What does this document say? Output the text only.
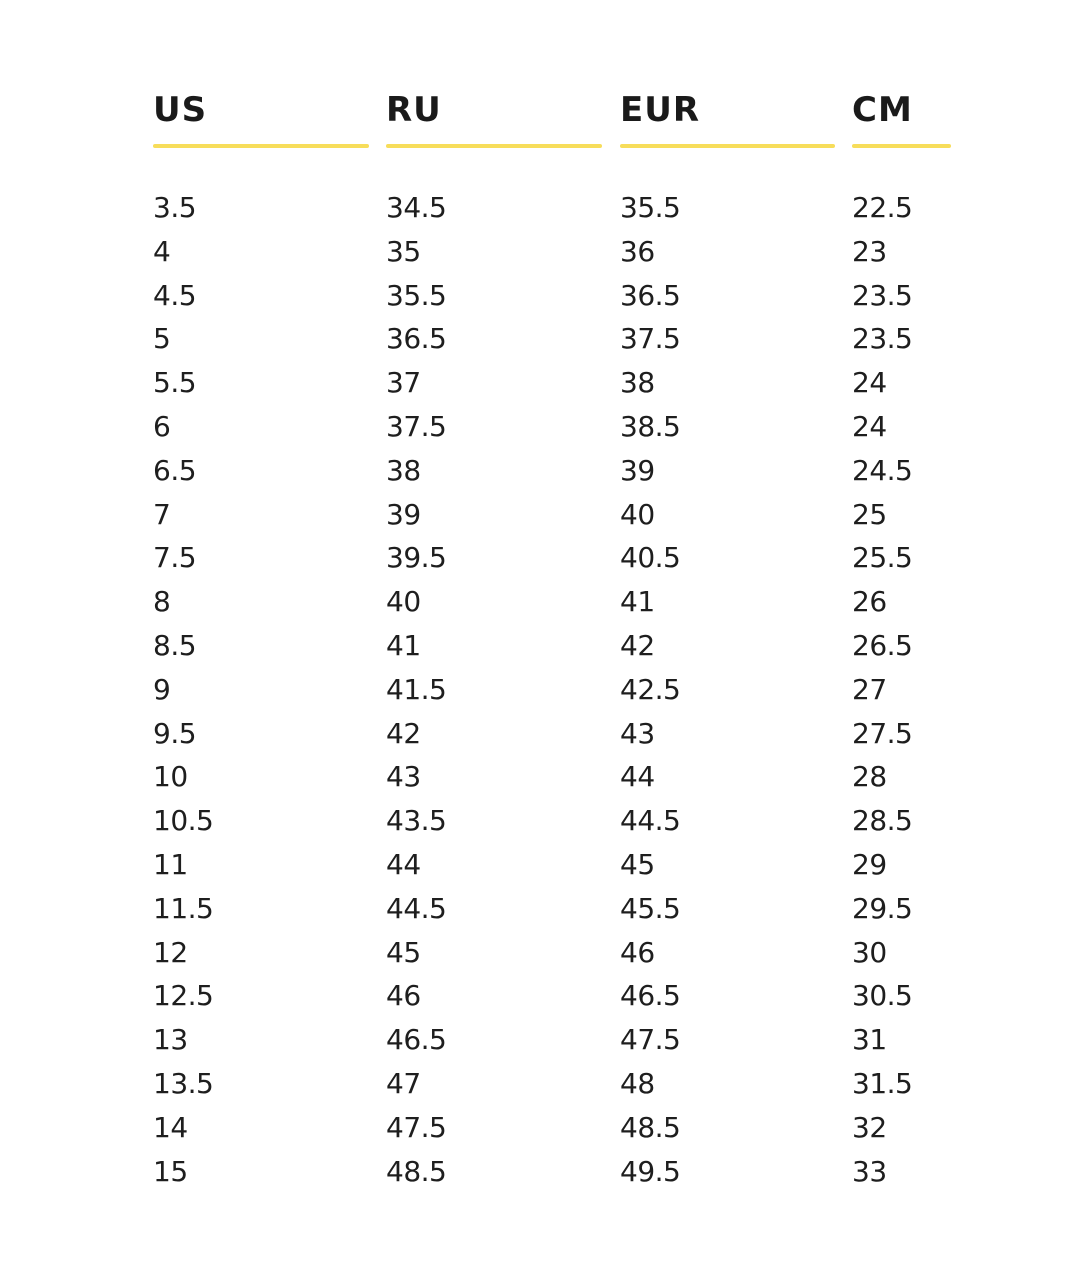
US
3.5
4
4.5
5
5.5
6
6.5
7
7.5
8
8.5
9
9.5
10
10.5
11
11.5
12
12.5
13
13.5
14
15
RU
34.5
35
35.5
36.5
37
37.5
38
39
39.5
40
41
41.5
42
43
43.5
44
44.5
45
46
46.5
47
47.5
48.5
EUR
35.5
36
36.5
37.5
38
38.5
39
40
40.5
41
42
42.5
43
44
44.5
45
45.5
46
46.5
47.5
48
48.5
49.5
CM
22.5
23
23.5
23.5
24
24
24.5
25
25.5
26
26.5
27
27.5
28
28.5
29
29.5
30
30.5
31
31.5
32
33
